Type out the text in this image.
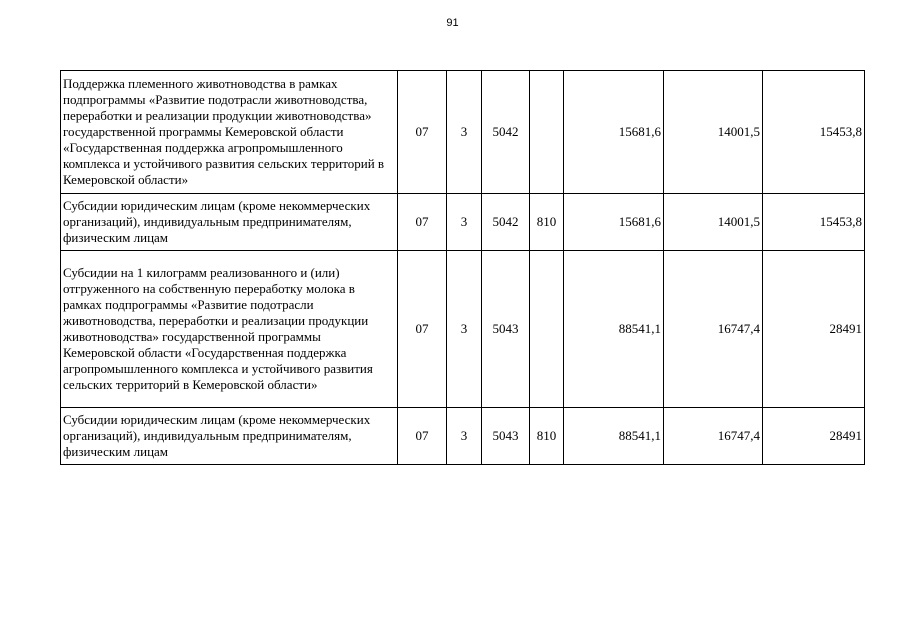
91
Поддержка племенного животноводства в рамках подпрограммы «Развитие подотрасли животноводства, переработки и реализации продукции животноводства» государственной программы Кемеровской области «Государственная поддержка агропромышленного комплекса и устойчивого развития сельских территорий в Кемеровской области»	07	3	5042		15681,6	14001,5	15453,8
Субсидии юридическим лицам (кроме некоммерческих организаций), индивидуальным предпринимателям, физическим лицам	07	3	5042	810	15681,6	14001,5	15453,8
Субсидии на 1 килограмм реализованного и (или) отгруженного на собственную переработку молока в рамках подпрограммы «Развитие подотрасли животноводства, переработки и реализации продукции животноводства» государственной программы Кемеровской области «Государственная поддержка агропромышленного комплекса и устойчивого развития сельских территорий в Кемеровской области»	07	3	5043		88541,1	16747,4	28491
Субсидии юридическим лицам (кроме некоммерческих организаций), индивидуальным предпринимателям, физическим лицам	07	3	5043	810	88541,1	16747,4	28491
